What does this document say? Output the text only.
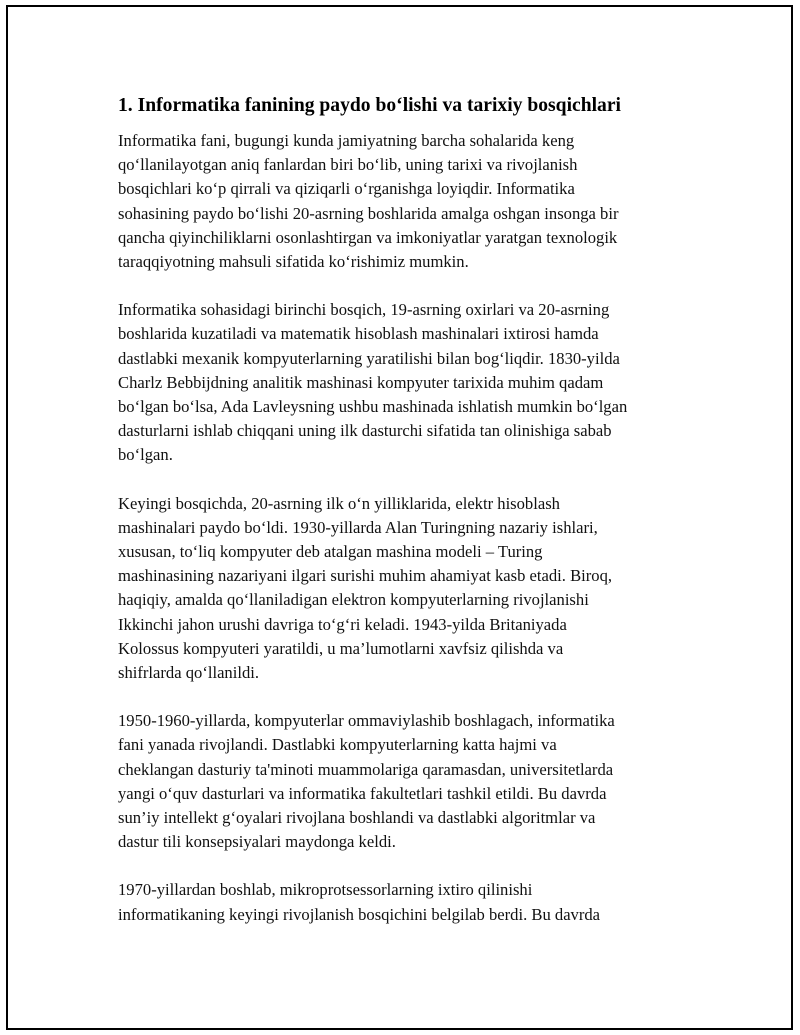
1. Informatika fanining paydo boʻlishi va tarixiy bosqichlari

Informatika fani, bugungi kunda jamiyatning barcha sohalarida keng
qoʻllanilayotgan aniq fanlardan biri boʻlib, uning tarixi va rivojlanish
bosqichlari koʻp qirrali va qiziqarli oʻrganishga loyiqdir. Informatika
sohasining paydo boʻlishi 20-asrning boshlarida amalga oshgan insonga bir
qancha qiyinchiliklarni osonlashtirgan va imkoniyatlar yaratgan texnologik
taraqqiyotning mahsuli sifatida koʻrishimiz mumkin.

Informatika sohasidagi birinchi bosqich, 19-asrning oxirlari va 20-asrning
boshlarida kuzatiladi va matematik hisoblash mashinalari ixtirosi hamda
dastlabki mexanik kompyuterlarning yaratilishi bilan bogʻliqdir. 1830-yilda
Charlz Bebbijdning analitik mashinasi kompyuter tarixida muhim qadam
boʻlgan boʻlsa, Ada Lavleysning ushbu mashinada ishlatish mumkin boʻlgan
dasturlarni ishlab chiqqani uning ilk dasturchi sifatida tan olinishiga sabab
boʻlgan.

Keyingi bosqichda, 20-asrning ilk oʻn yilliklarida, elektr hisoblash
mashinalari paydo boʻldi. 1930-yillarda Alan Turingning nazariy ishlari,
xususan, toʻliq kompyuter deb atalgan mashina modeli – Turing
mashinasining nazariyani ilgari surishi muhim ahamiyat kasb etadi. Biroq,
haqiqiy, amalda qoʻllaniladigan elektron kompyuterlarning rivojlanishi
Ikkinchi jahon urushi davriga toʻgʻri keladi. 1943-yilda Britaniyada
Kolossus kompyuteri yaratildi, u ma’lumotlarni xavfsiz qilishda va
shifrlarda qoʻllanildi.

1950-1960-yillarda, kompyuterlar ommaviylashib boshlagach, informatika
fani yanada rivojlandi. Dastlabki kompyuterlarning katta hajmi va
cheklangan dasturiy ta'minoti muammolariga qaramasdan, universitetlarda
yangi oʻquv dasturlari va informatika fakultetlari tashkil etildi. Bu davrda
sun’iy intellekt gʻoyalari rivojlana boshlandi va dastlabki algoritmlar va
dastur tili konsepsiyalari maydonga keldi.

1970-yillardan boshlab, mikroprotsessorlarning ixtiro qilinishi
informatikaning keyingi rivojlanish bosqichini belgilab berdi. Bu davrda
